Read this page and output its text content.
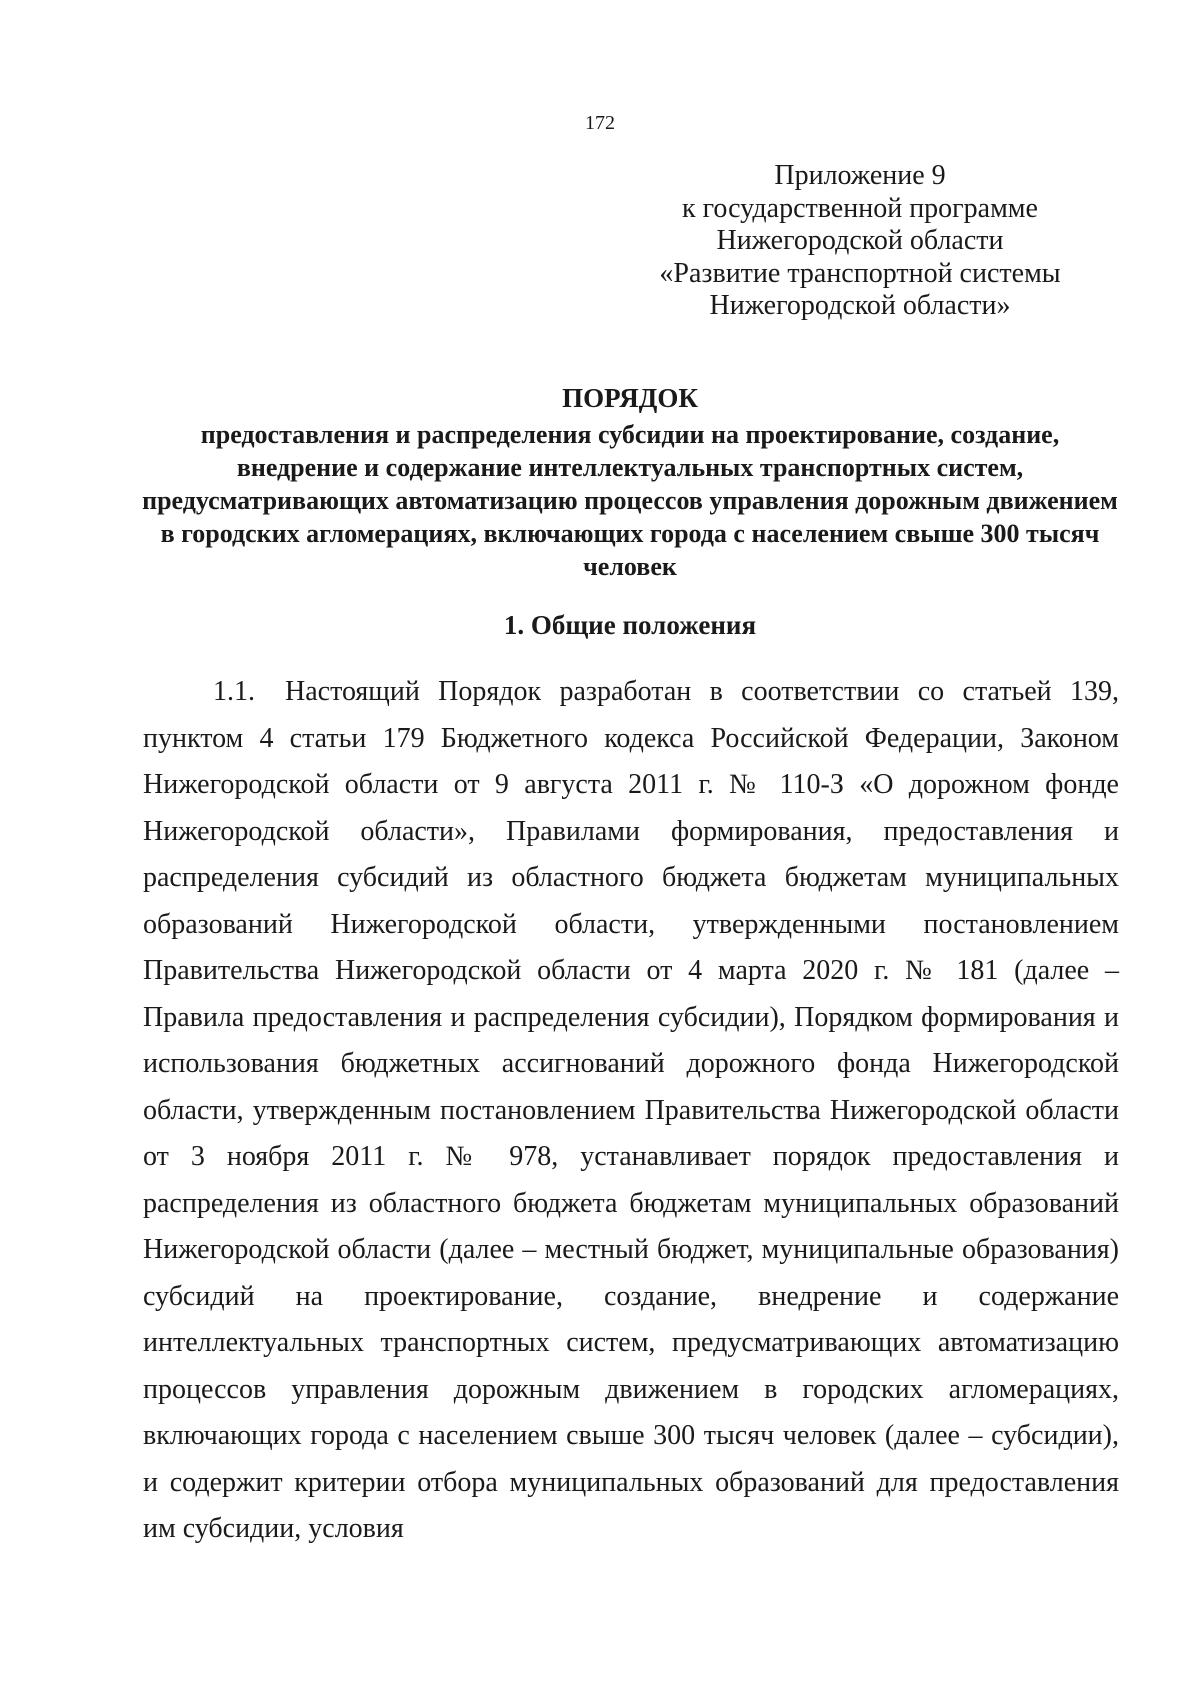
172
Приложение 9
к государственной программе
Нижегородской области
«Развитие транспортной системы
Нижегородской области»
ПОРЯДОК
предоставления и распределения субсидии на проектирование, создание, внедрение и содержание интеллектуальных транспортных систем, предусматривающих автоматизацию процессов управления дорожным движением в городских агломерациях, включающих города с населением свыше 300 тысяч человек
1. Общие положения

1.1. Настоящий Порядок разработан в соответствии со статьей 139, пунктом 4 статьи 179 Бюджетного кодекса Российской Федерации, Законом Нижегородской области от 9 августа 2011 г. № 110-З «О дорожном фонде Нижегородской области», Правилами формирования, предоставления и распределения субсидий из областного бюджета бюджетам муниципальных образований Нижегородской области, утвержденными постановлением Правительства Нижегородской области от 4 марта 2020 г. № 181 (далее – Правила предоставления и распределения субсидии), Порядком формирования и использования бюджетных ассигнований дорожного фонда Нижегородской области, утвержденным постановлением Правительства Нижегородской области от 3 ноября 2011 г. № 978, устанавливает порядок предоставления и распределения из областного бюджета бюджетам муниципальных образований Нижегородской области (далее – местный бюджет, муниципальные образования) субсидий на проектирование, создание, внедрение и содержание интеллектуальных транспортных систем, предусматривающих автоматизацию процессов управления дорожным движением в городских агломерациях, включающих города с населением свыше 300 тысяч человек (далее – субсидии), и содержит критерии отбора муниципальных образований для предоставления им субсидии, условия
